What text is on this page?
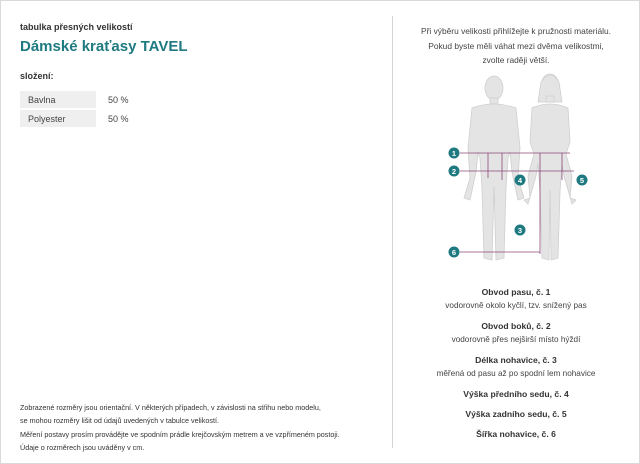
tabulka přesných velikostí

Dámské kraťasy TAVEL
složení:
Bavlna	50 %
Polyester	50 %
Zobrazené rozměry jsou orientační. V některých případech, v závislosti na střihu nebo modelu,
se mohou rozměry lišit od údajů uvedených v tabulce velikostí.
Měření postavy prosím provádějte ve spodním prádle krejčovským metrem a ve vzpřímeném postoji.
Údaje o rozměrech jsou uváděny v cm.
Při výběru velikosti přihlížejte k pružnosti materiálu.
Pokud byste měli váhat mezi dvěma velikostmi,
zvolte raději větší.
1
2
3
4	5
6
Obvod pasu, č. 1
vodorovně okolo kyčlí, tzv. snížený pas
Obvod boků, č. 2
vodorovně přes nejširší místo hýždí
Délka nohavice, č. 3
měřená od pasu až po spodní lem nohavice
Výška předního sedu, č. 4
Výška zadního sedu, č. 5
Šířka nohavice, č. 6
